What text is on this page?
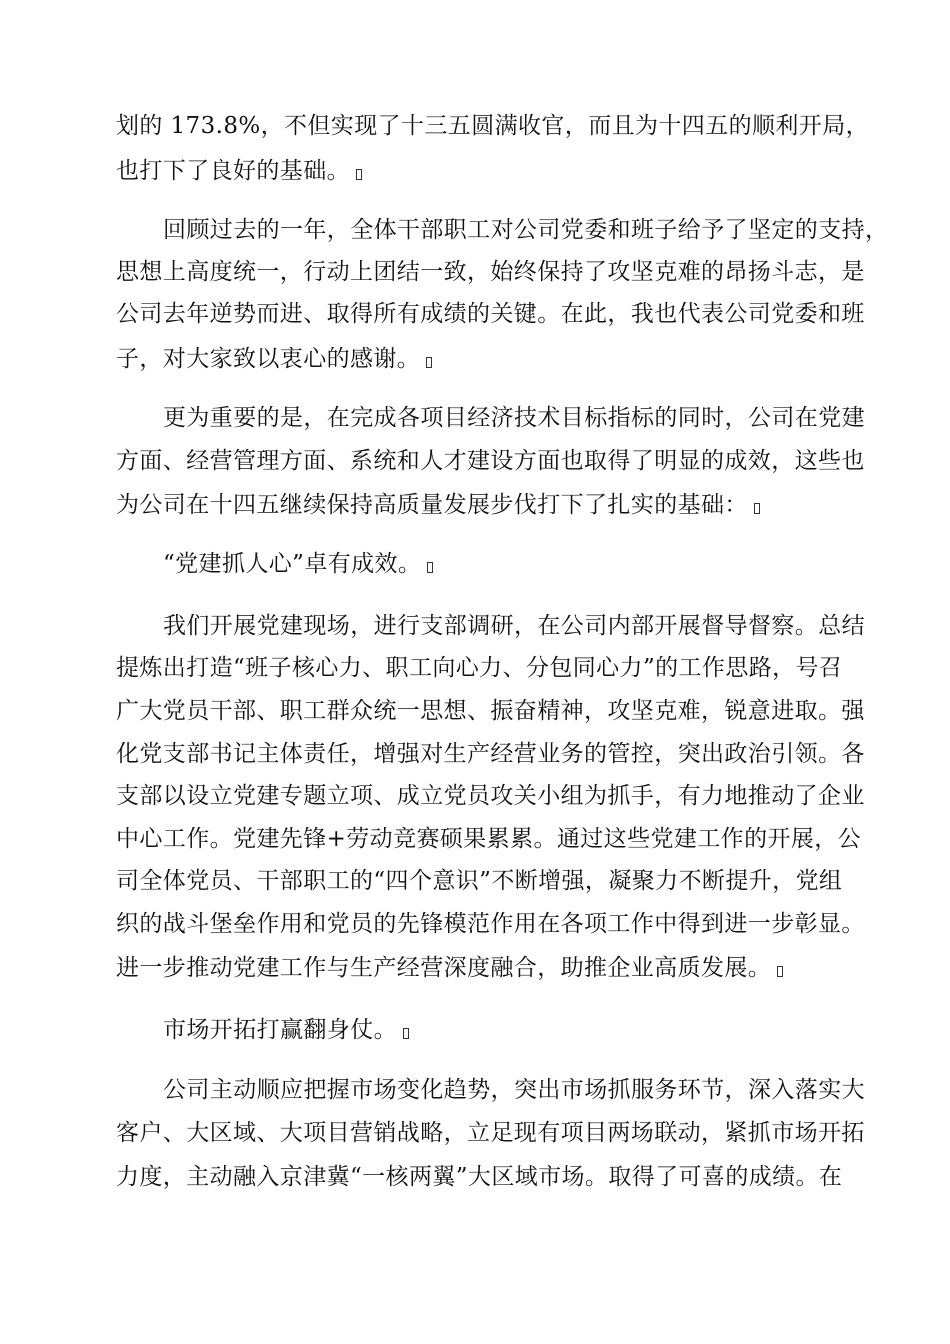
划的 173.8%，不但实现了十三五圆满收官，而且为十四五的顺利开局，
也打下了良好的基础。
回顾过去的一年，全体干部职工对公司党委和班子给予了坚定的支持，
思想上高度统一，行动上团结一致，始终保持了攻坚克难的昂扬斗志，是
公司去年逆势而进、取得所有成绩的关键。在此，我也代表公司党委和班
子，对大家致以衷心的感谢。
更为重要的是，在完成各项目经济技术目标指标的同时，公司在党建
方面、经营管理方面、系统和人才建设方面也取得了明显的成效，这些也
为公司在十四五继续保持高质量发展步伐打下了扎实的基础：
“党建抓人心”卓有成效。
我们开展党建现场，进行支部调研，在公司内部开展督导督察。总结
提炼出打造“班子核心力、职工向心力、分包同心力”的工作思路，号召
广大党员干部、职工群众统一思想、振奋精神，攻坚克难，锐意进取。强
化党支部书记主体责任，增强对生产经营业务的管控，突出政治引领。各
支部以设立党建专题立项、成立党员攻关小组为抓手，有力地推动了企业
中心工作。党建先锋+劳动竞赛硕果累累。通过这些党建工作的开展，公
司全体党员、干部职工的“四个意识”不断增强，凝聚力不断提升，党组
织的战斗堡垒作用和党员的先锋模范作用在各项工作中得到进一步彰显。
进一步推动党建工作与生产经营深度融合，助推企业高质发展。
市场开拓打赢翻身仗。
公司主动顺应把握市场变化趋势，突出市场抓服务环节，深入落实大
客户、大区域、大项目营销战略，立足现有项目两场联动，紧抓市场开拓
力度，主动融入京津冀“一核两翼”大区域市场。取得了可喜的成绩。在
